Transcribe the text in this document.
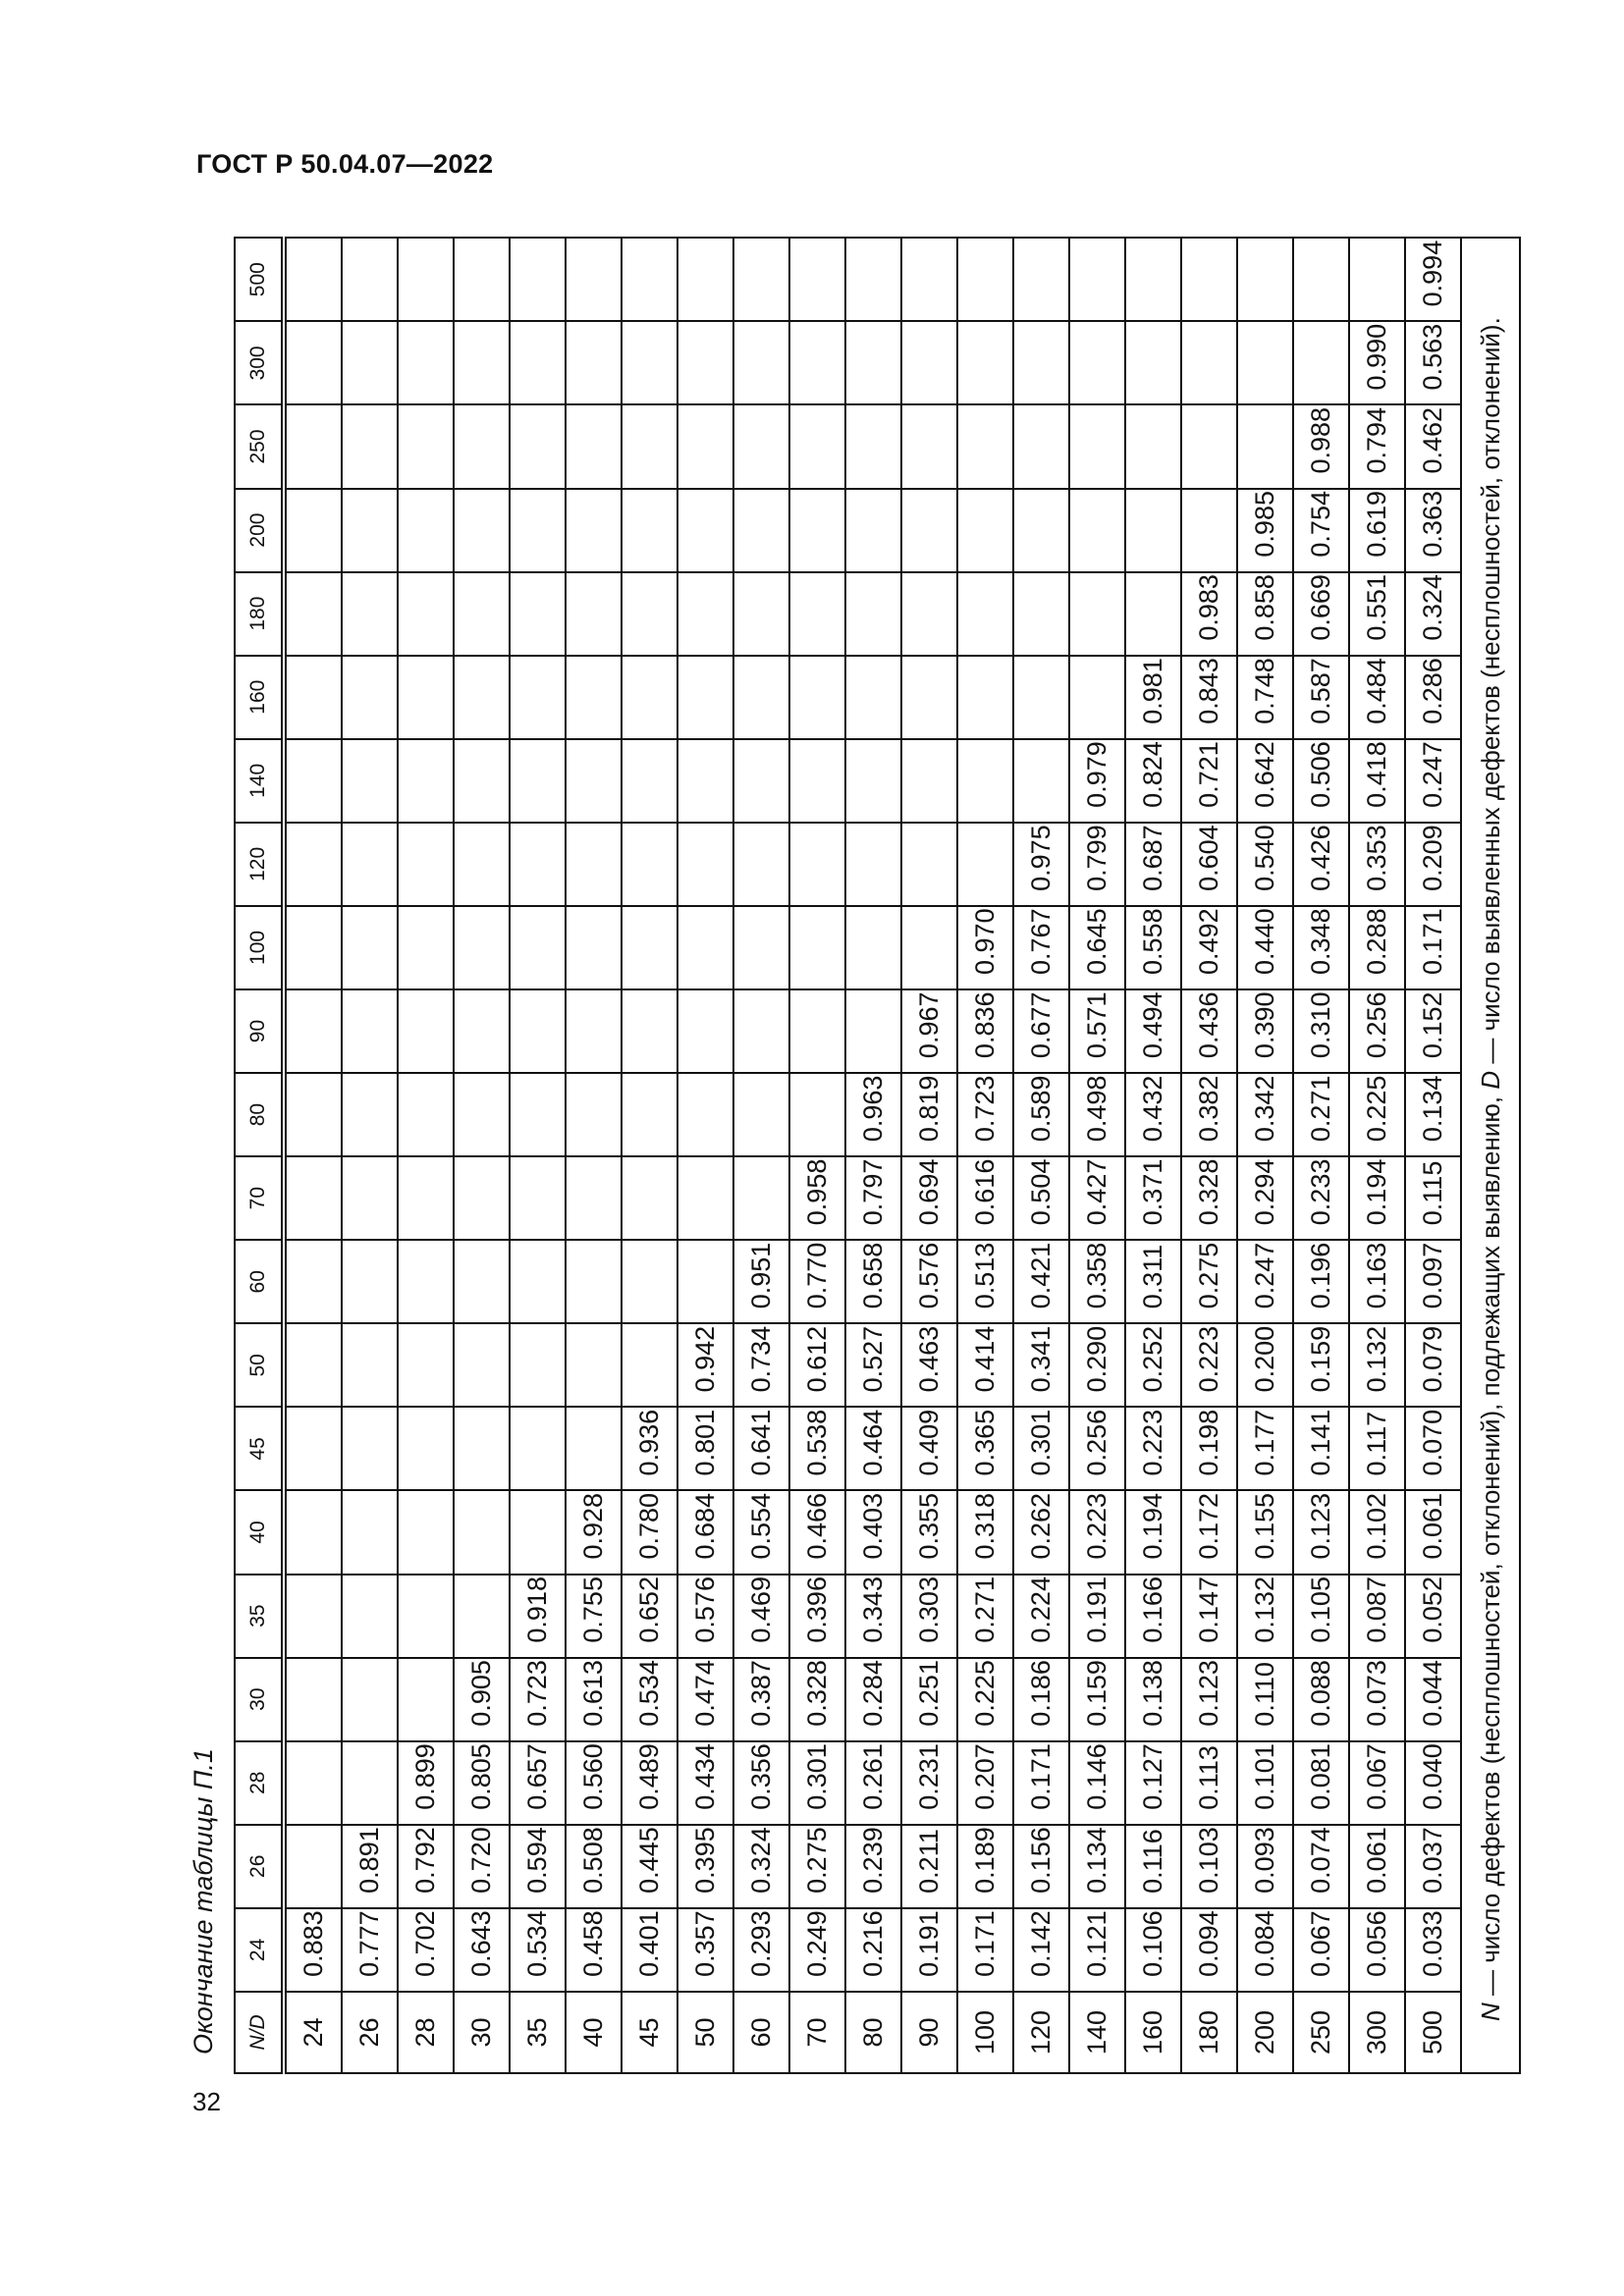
ГОСТ Р 50.04.07—2022
32
Окончание таблицы П.1 N/D	24	26	28	30	35	40	45	50	60	70	80	90	100	120	140	160	180	200	250	300	500
24	0.883																				
26	0.777	0.891																			
28	0.702	0.792	0.899																		
30	0.643	0.720	0.805	0.905																	
35	0.534	0.594	0.657	0.723	0.918																
40	0.458	0.508	0.560	0.613	0.755	0.928															
45	0.401	0.445	0.489	0.534	0.652	0.780	0.936														
50	0.357	0.395	0.434	0.474	0.576	0.684	0.801	0.942													
60	0.293	0.324	0.356	0.387	0.469	0.554	0.641	0.734	0.951												
70	0.249	0.275	0.301	0.328	0.396	0.466	0.538	0.612	0.770	0.958											
80	0.216	0.239	0.261	0.284	0.343	0.403	0.464	0.527	0.658	0.797	0.963										
90	0.191	0.211	0.231	0.251	0.303	0.355	0.409	0.463	0.576	0.694	0.819	0.967									
100	0.171	0.189	0.207	0.225	0.271	0.318	0.365	0.414	0.513	0.616	0.723	0.836	0.970								
120	0.142	0.156	0.171	0.186	0.224	0.262	0.301	0.341	0.421	0.504	0.589	0.677	0.767	0.975							
140	0.121	0.134	0.146	0.159	0.191	0.223	0.256	0.290	0.358	0.427	0.498	0.571	0.645	0.799	0.979						
160	0.106	0.116	0.127	0.138	0.166	0.194	0.223	0.252	0.311	0.371	0.432	0.494	0.558	0.687	0.824	0.981					
180	0.094	0.103	0.113	0.123	0.147	0.172	0.198	0.223	0.275	0.328	0.382	0.436	0.492	0.604	0.721	0.843	0.983				
200	0.084	0.093	0.101	0.110	0.132	0.155	0.177	0.200	0.247	0.294	0.342	0.390	0.440	0.540	0.642	0.748	0.858	0.985			
250	0.067	0.074	0.081	0.088	0.105	0.123	0.141	0.159	0.196	0.233	0.271	0.310	0.348	0.426	0.506	0.587	0.669	0.754	0.988		
300	0.056	0.061	0.067	0.073	0.087	0.102	0.117	0.132	0.163	0.194	0.225	0.256	0.288	0.353	0.418	0.484	0.551	0.619	0.794	0.990	
500	0.033	0.037	0.040	0.044	0.052	0.061	0.070	0.079	0.097	0.115	0.134	0.152	0.171	0.209	0.247	0.286	0.324	0.363	0.462	0.563	0.994
N — число дефектов (несплошностей, отклонений), подлежащих выявлению, D — число выявленных дефектов (несплошностей, отклонений).																					
